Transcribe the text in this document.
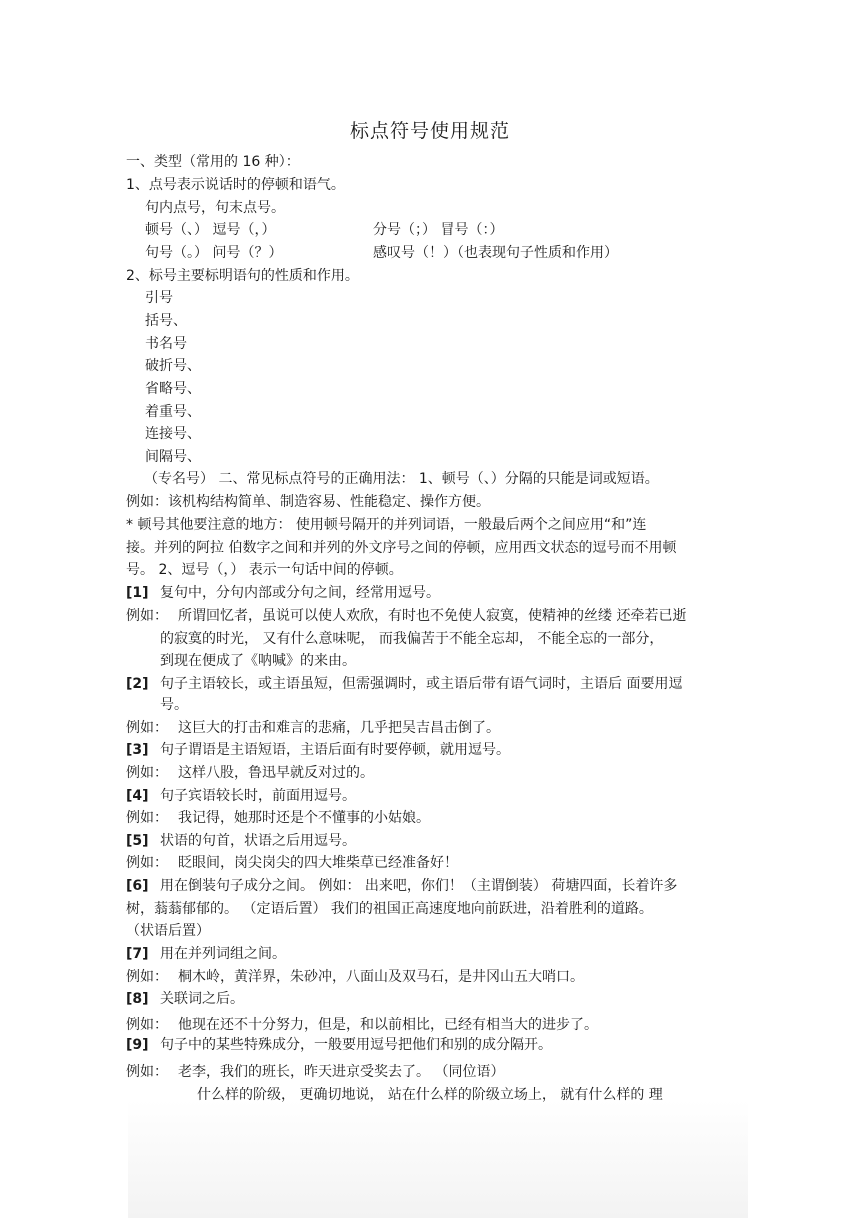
标点符号使用规范
一、类型（常用的 16 种）：
1、点号表示说话时的停顿和语气。
句内点号，句末点号。
顿号（、） 逗号（，）	分号（；） 冒号（：）
句号（。） 问号（？）	感叹号（！）（也表现句子性质和作用）
2、标号主要标明语句的性质和作用。
引号
括号、
书名号
破折号、
省略号、
着重号、
连接号、
间隔号、
（专名号） 二、常见标点符号的正确用法： 1、顿号（、）分隔的只能是词或短语。
例如：该机构结构简单、制造容易、性能稳定、操作方便。
* 顿号其他要注意的地方： 使用顿号隔开的并列词语，一般最后两个之间应用“和”连
接。并列的阿拉 伯数字之间和并列的外文序号之间的停顿，应用西文状态的逗号而不用顿
号。 2、逗号（，） 表示一句话中间的停顿。
[1] 复句中，分句内部或分句之间，经常用逗号。
例如： 所谓回忆者，虽说可以使人欢欣，有时也不免使人寂寞，使精神的丝缕 还牵若已逝
的寂寞的时光， 又有什么意味呢， 而我偏苦于不能全忘却， 不能全忘的一部分，
到现在便成了《呐喊》的来由。
[2] 句子主语较长，或主语虽短，但需强调时，或主语后带有语气词时，主语后 面要用逗
号。
例如： 这巨大的打击和难言的悲痛，几乎把吴吉昌击倒了。
[3] 句子谓语是主语短语，主语后面有时要停顿，就用逗号。
例如： 这样八股，鲁迅早就反对过的。
[4] 句子宾语较长时，前面用逗号。
例如： 我记得，她那时还是个不懂事的小姑娘。
[5] 状语的句首，状语之后用逗号。
例如： 眨眼间，岗尖岗尖的四大堆柴草已经准备好！
[6] 用在倒装句子成分之间。 例如： 出来吧，你们！（主谓倒装） 荷塘四面，长着许多
树，蓊蓊郁郁的。 （定语后置） 我们的祖国正高速度地向前跃进，沿着胜利的道路。
（状语后置）
[7] 用在并列词组之间。
例如： 桐木岭，黄洋界，朱砂冲，八面山及双马石，是井冈山五大哨口。
[8] 关联词之后。
例如： 他现在还不十分努力，但是，和以前相比，已经有相当大的进步了。
[9] 句子中的某些特殊成分，一般要用逗号把他们和别的成分隔开。
例如： 老李，我们的班长，昨天进京受奖去了。 （同位语）
什么样的阶级， 更确切地说， 站在什么样的阶级立场上， 就有什么样的 理
